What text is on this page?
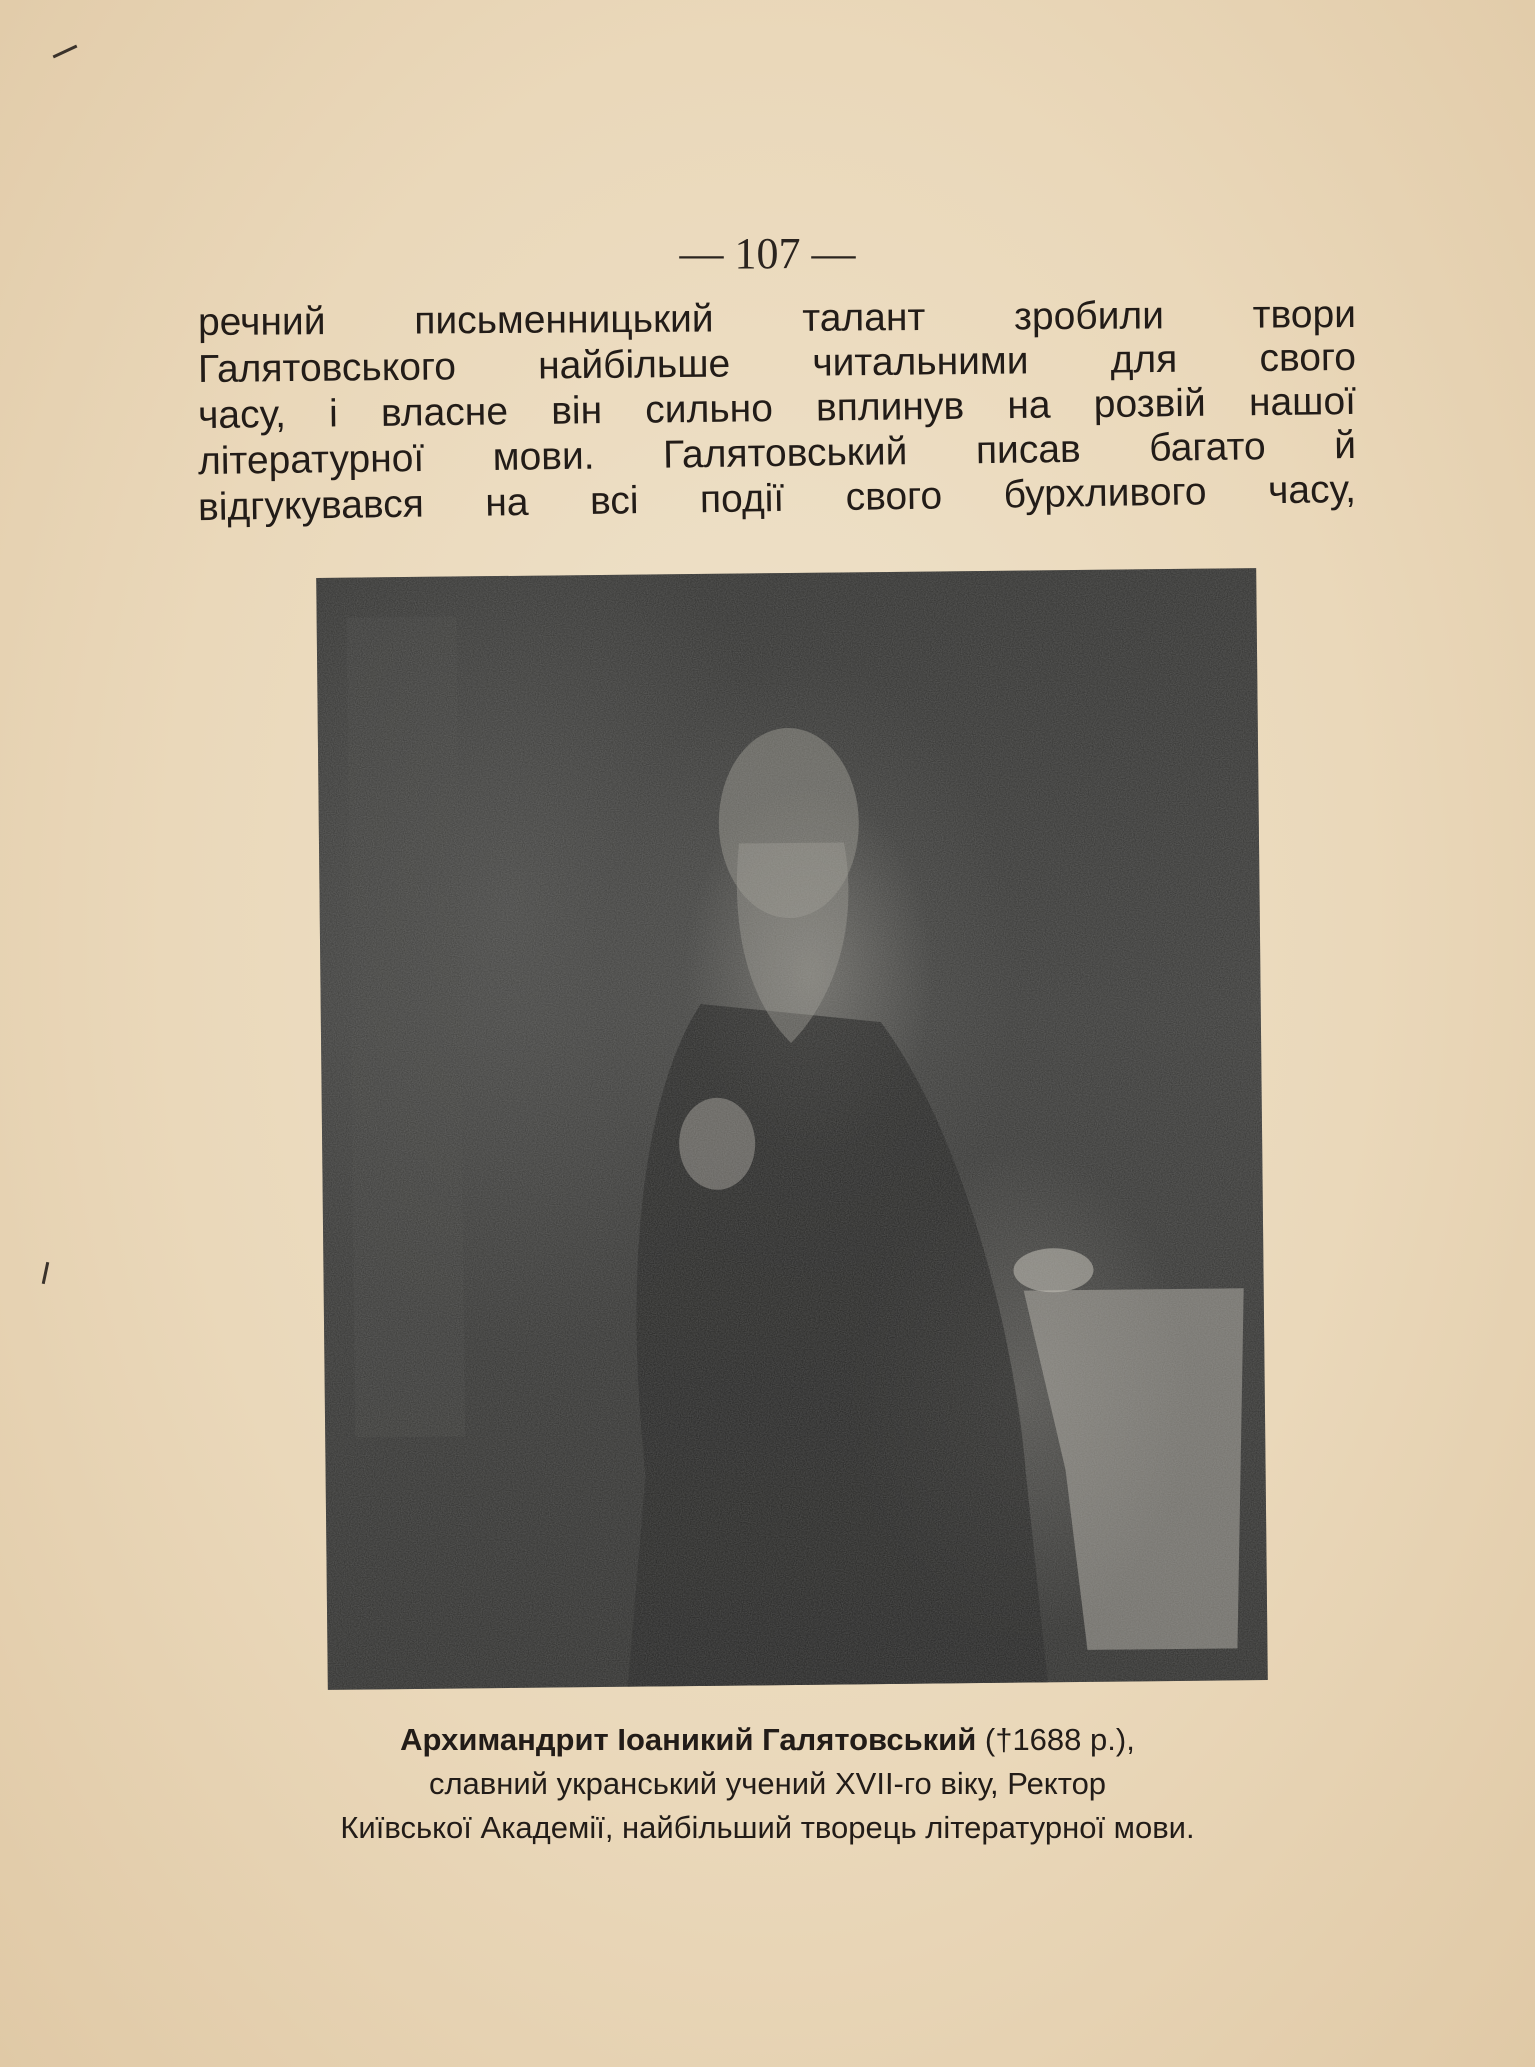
— 107 —
речний письменницький талант зробили твори
Галятовського найбільше читальними для свого
часу, і власне він сильно вплинув на розвій нашої
літературної мови. Галятовський писав багато й
відгукувався на всі події свого бурхливого часу,
Архимандрит Іоаникий Галятовський (†1688 р.),
славний укранський учений XVII-го віку, Ректор
Київської Академії, найбільший творець літературної мови.
